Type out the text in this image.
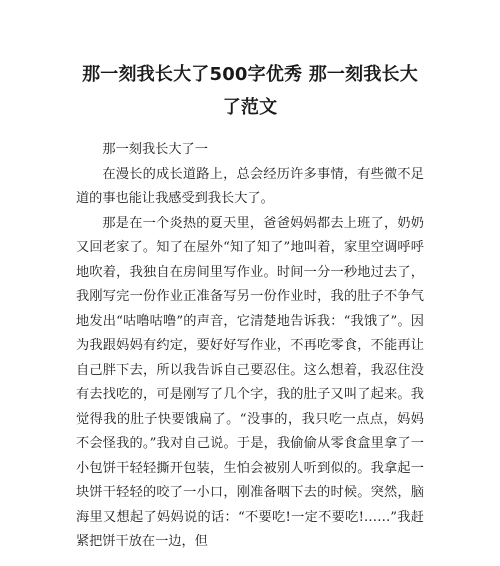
那一刻我长大了500字优秀 那一刻我长大了范文

那一刻我长大了一

在漫长的成长道路上，总会经历许多事情，有些微不足道的事也能让我感受到我长大了。

那是在一个炎热的夏天里，爸爸妈妈都去上班了，奶奶又回老家了。知了在屋外“知了知了”地叫着，家里空调呼呼地吹着，我独自在房间里写作业。时间一分一秒地过去了，我刚写完一份作业正准备写另一份作业时，我的肚子不争气地发出“咕噜咕噜”的声音，它清楚地告诉我：“我饿了”。因为我跟妈妈有约定，要好好写作业，不再吃零食，不能再让自己胖下去，所以我告诉自己要忍住。这么想着，我忍住没有去找吃的，可是刚写了几个字，我的肚子又叫了起来。我觉得我的肚子快要饿扁了。“没事的，我只吃一点点，妈妈不会怪我的。”我对自己说。于是，我偷偷从零食盒里拿了一小包饼干轻轻撕开包装，生怕会被别人听到似的。我拿起一块饼干轻轻的咬了一小口，刚准备咽下去的时候。突然，脑海里又想起了妈妈说的话：“不要吃!一定不要吃!……”我赶紧把饼干放在一边，但
